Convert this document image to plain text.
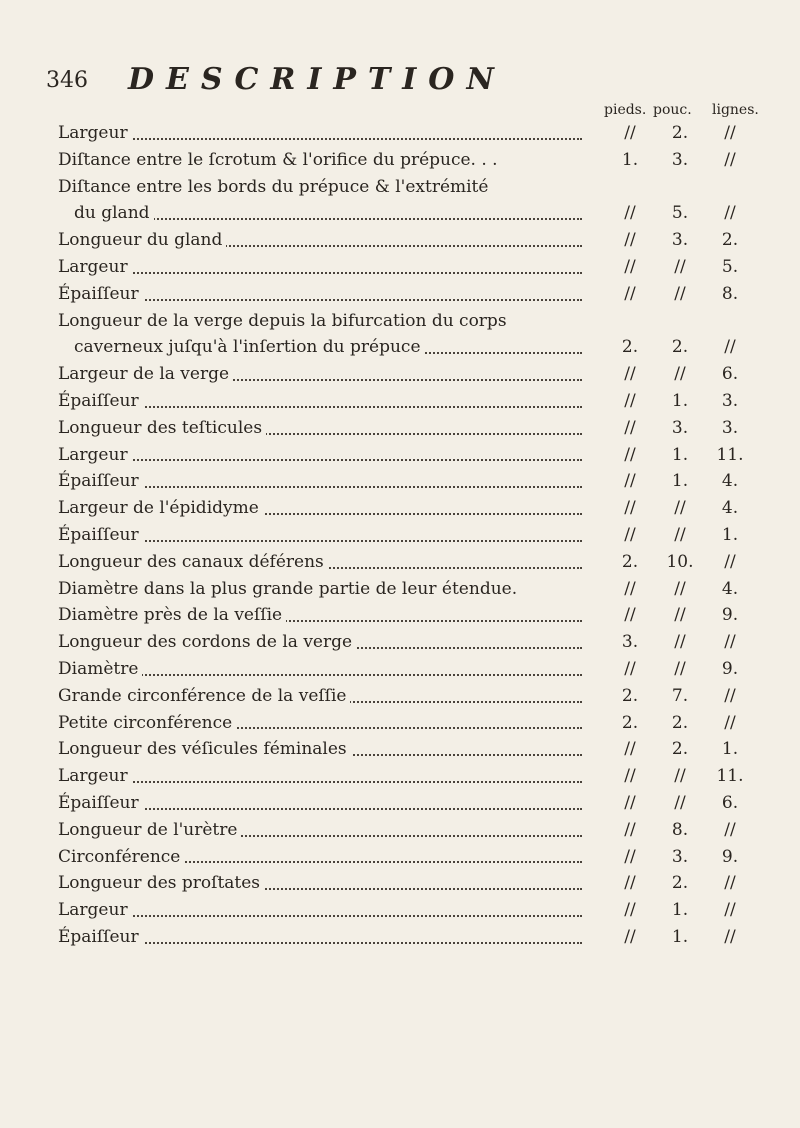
346 DESCRIPTION
pieds. pouc. lignes.
Largeur	//	2.	//
Diſtance entre le ſcrotum & l'orifice du prépuce. . .	1.	3.	//
Diſtance entre les bords du prépuce & l'extrémité
du gland	//	5.	//
Longueur du gland	//	3.	2.
Largeur	//	//	5.
Épaiſſeur	//	//	8.
Longueur de la verge depuis la bifurcation du corps
caverneux juſqu'à l'inſertion du prépuce	2.	2.	//
Largeur de la verge	//	//	6.
Épaiſſeur	//	1.	3.
Longueur des teſticules	//	3.	3.
Largeur	//	1.	11.
Épaiſſeur	//	1.	4.
Largeur de l'épididyme	//	//	4.
Épaiſſeur	//	//	1.
Longueur des canaux déférens	2.	10.	//
Diamètre dans la plus grande partie de leur étendue.	//	//	4.
Diamètre près de la veſſie	//	//	9.
Longueur des cordons de la verge	3.	//	//
Diamètre	//	//	9.
Grande circonférence de la veſſie	2.	7.	//
Petite circonférence	2.	2.	//
Longueur des véſicules féminales	//	2.	1.
Largeur	//	//	11.
Épaiſſeur	//	//	6.
Longueur de l'urètre	//	8.	//
Circonférence	//	3.	9.
Longueur des proſtates	//	2.	//
Largeur	//	1.	//
Épaiſſeur	//	1.	//
